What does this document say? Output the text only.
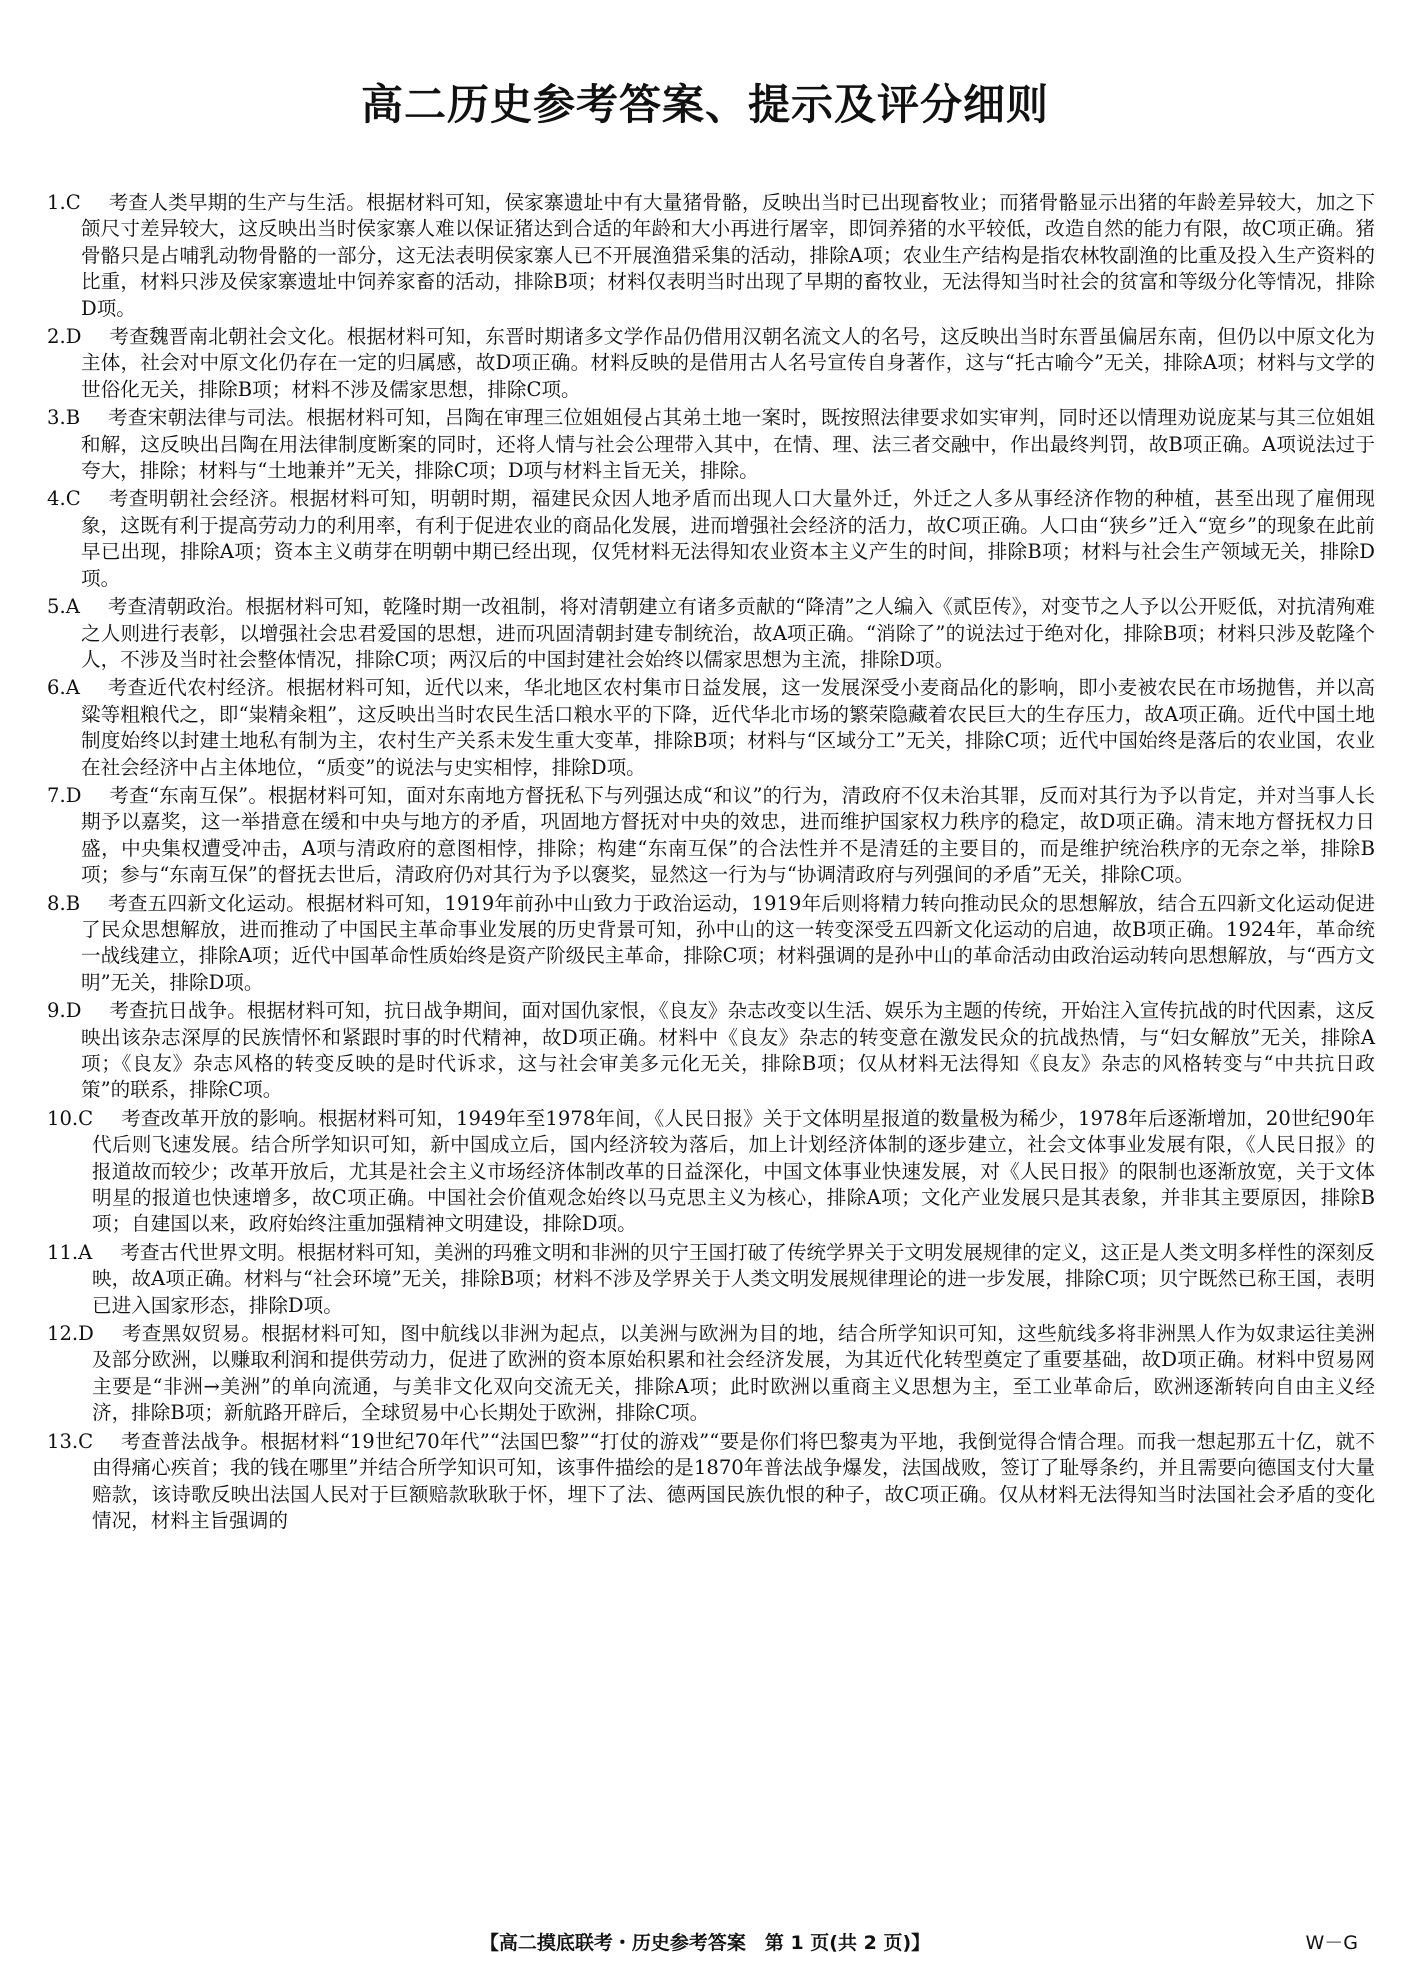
高二历史参考答案、提示及评分细则
1.C	考查人类早期的生产与生活。根据材料可知，侯家寨遗址中有大量猪骨骼，反映出当时已出现畜牧业；而猪骨骼显示出猪的年龄差异较大，加之下颌尺寸差异较大，这反映出当时侯家寨人难以保证猪达到合适的年龄和大小再进行屠宰，即饲养猪的水平较低，改造自然的能力有限，故C项正确。猪骨骼只是占哺乳动物骨骼的一部分，这无法表明侯家寨人已不开展渔猎采集的活动，排除A项；农业生产结构是指农林牧副渔的比重及投入生产资料的比重，材料只涉及侯家寨遗址中饲养家畜的活动，排除B项；材料仅表明当时出现了早期的畜牧业，无法得知当时社会的贫富和等级分化等情况，排除D项。
2.D	考查魏晋南北朝社会文化。根据材料可知，东晋时期诸多文学作品仍借用汉朝名流文人的名号，这反映出当时东晋虽偏居东南，但仍以中原文化为主体，社会对中原文化仍存在一定的归属感，故D项正确。材料反映的是借用古人名号宣传自身著作，这与“托古喻今”无关，排除A项；材料与文学的世俗化无关，排除B项；材料不涉及儒家思想，排除C项。
3.B	考查宋朝法律与司法。根据材料可知，吕陶在审理三位姐姐侵占其弟土地一案时，既按照法律要求如实审判，同时还以情理劝说庞某与其三位姐姐和解，这反映出吕陶在用法律制度断案的同时，还将人情与社会公理带入其中，在情、理、法三者交融中，作出最终判罚，故B项正确。A项说法过于夸大，排除；材料与“土地兼并”无关，排除C项；D项与材料主旨无关，排除。
4.C	考查明朝社会经济。根据材料可知，明朝时期，福建民众因人地矛盾而出现人口大量外迁，外迁之人多从事经济作物的种植，甚至出现了雇佣现象，这既有利于提高劳动力的利用率，有利于促进农业的商品化发展，进而增强社会经济的活力，故C项正确。人口由“狭乡”迁入“宽乡”的现象在此前早已出现，排除A项；资本主义萌芽在明朝中期已经出现，仅凭材料无法得知农业资本主义产生的时间，排除B项；材料与社会生产领域无关，排除D项。
5.A	考查清朝政治。根据材料可知，乾隆时期一改祖制，将对清朝建立有诸多贡献的“降清”之人编入《贰臣传》，对变节之人予以公开贬低，对抗清殉难之人则进行表彰，以增强社会忠君爱国的思想，进而巩固清朝封建专制统治，故A项正确。“消除了”的说法过于绝对化，排除B项；材料只涉及乾隆个人，不涉及当时社会整体情况，排除C项；两汉后的中国封建社会始终以儒家思想为主流，排除D项。
6.A	考查近代农村经济。根据材料可知，近代以来，华北地区农村集市日益发展，这一发展深受小麦商品化的影响，即小麦被农民在市场抛售，并以高粱等粗粮代之，即“粜精籴粗”，这反映出当时农民生活口粮水平的下降，近代华北市场的繁荣隐藏着农民巨大的生存压力，故A项正确。近代中国土地制度始终以封建土地私有制为主，农村生产关系未发生重大变革，排除B项；材料与“区域分工”无关，排除C项；近代中国始终是落后的农业国，农业在社会经济中占主体地位，“质变”的说法与史实相悖，排除D项。
7.D	考查“东南互保”。根据材料可知，面对东南地方督抚私下与列强达成“和议”的行为，清政府不仅未治其罪，反而对其行为予以肯定，并对当事人长期予以嘉奖，这一举措意在缓和中央与地方的矛盾，巩固地方督抚对中央的效忠，进而维护国家权力秩序的稳定，故D项正确。清末地方督抚权力日盛，中央集权遭受冲击，A项与清政府的意图相悖，排除；构建“东南互保”的合法性并不是清廷的主要目的，而是维护统治秩序的无奈之举，排除B项；参与“东南互保”的督抚去世后，清政府仍对其行为予以褒奖，显然这一行为与“协调清政府与列强间的矛盾”无关，排除C项。
8.B	考查五四新文化运动。根据材料可知，1919年前孙中山致力于政治运动，1919年后则将精力转向推动民众的思想解放，结合五四新文化运动促进了民众思想解放，进而推动了中国民主革命事业发展的历史背景可知，孙中山的这一转变深受五四新文化运动的启迪，故B项正确。1924年，革命统一战线建立，排除A项；近代中国革命性质始终是资产阶级民主革命，排除C项；材料强调的是孙中山的革命活动由政治运动转向思想解放，与“西方文明”无关，排除D项。
9.D	考查抗日战争。根据材料可知，抗日战争期间，面对国仇家恨，《良友》杂志改变以生活、娱乐为主题的传统，开始注入宣传抗战的时代因素，这反映出该杂志深厚的民族情怀和紧跟时事的时代精神，故D项正确。材料中《良友》杂志的转变意在激发民众的抗战热情，与“妇女解放”无关，排除A项；《良友》杂志风格的转变反映的是时代诉求，这与社会审美多元化无关，排除B项；仅从材料无法得知《良友》杂志的风格转变与“中共抗日政策”的联系，排除C项。
10.C	考查改革开放的影响。根据材料可知，1949年至1978年间，《人民日报》关于文体明星报道的数量极为稀少，1978年后逐渐增加，20世纪90年代后则飞速发展。结合所学知识可知，新中国成立后，国内经济较为落后，加上计划经济体制的逐步建立，社会文体事业发展有限，《人民日报》的报道故而较少；改革开放后，尤其是社会主义市场经济体制改革的日益深化，中国文体事业快速发展，对《人民日报》的限制也逐渐放宽，关于文体明星的报道也快速增多，故C项正确。中国社会价值观念始终以马克思主义为核心，排除A项；文化产业发展只是其表象，并非其主要原因，排除B项；自建国以来，政府始终注重加强精神文明建设，排除D项。
11.A	考查古代世界文明。根据材料可知，美洲的玛雅文明和非洲的贝宁王国打破了传统学界关于文明发展规律的定义，这正是人类文明多样性的深刻反映，故A项正确。材料与“社会环境”无关，排除B项；材料不涉及学界关于人类文明发展规律理论的进一步发展，排除C项；贝宁既然已称王国，表明已进入国家形态，排除D项。
12.D	考查黑奴贸易。根据材料可知，图中航线以非洲为起点，以美洲与欧洲为目的地，结合所学知识可知，这些航线多将非洲黑人作为奴隶运往美洲及部分欧洲，以赚取利润和提供劳动力，促进了欧洲的资本原始积累和社会经济发展，为其近代化转型奠定了重要基础，故D项正确。材料中贸易网主要是“非洲→美洲”的单向流通，与美非文化双向交流无关，排除A项；此时欧洲以重商主义思想为主，至工业革命后，欧洲逐渐转向自由主义经济，排除B项；新航路开辟后，全球贸易中心长期处于欧洲，排除C项。
13.C	考查普法战争。根据材料“19世纪70年代”“法国巴黎”“打仗的游戏”“要是你们将巴黎夷为平地，我倒觉得合情合理。而我一想起那五十亿，就不由得痛心疾首；我的钱在哪里”并结合所学知识可知，该事件描绘的是1870年普法战争爆发，法国战败，签订了耻辱条约，并且需要向德国支付大量赔款，该诗歌反映出法国人民对于巨额赔款耿耿于怀，埋下了法、德两国民族仇恨的种子，故C项正确。仅从材料无法得知当时法国社会矛盾的变化情况，材料主旨强调的
【高二摸底联考・历史参考答案　第 1 页(共 2 页)】	W－G
